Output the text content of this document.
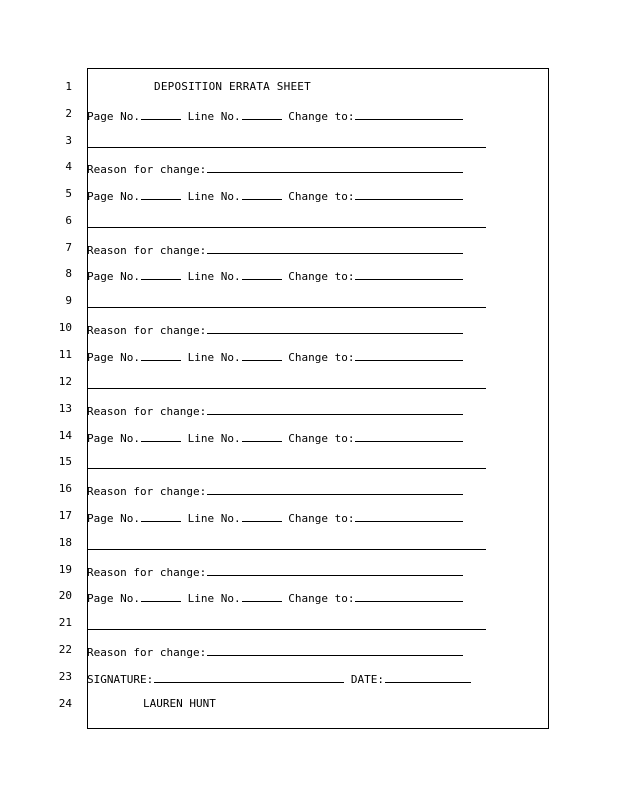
1	DEPOSITION ERRATA SHEET
2 Page No.	Line No.	Change to:
3
4 Reason for change:
5 Page No.	Line No.	Change to:
6
7 Reason for change:
8 Page No.	Line No.	Change to:
9
10 Reason for change:
11 Page No.	Line No.	Change to:
12
13 Reason for change:
14 Page No.	Line No.	Change to:
15
16 Reason for change:
17 Page No.	Line No.	Change to:
18
19 Reason for change:
20 Page No.	Line No.	Change to:
21
22 Reason for change:
23 SIGNATURE:	DATE:
24	LAUREN HUNT
